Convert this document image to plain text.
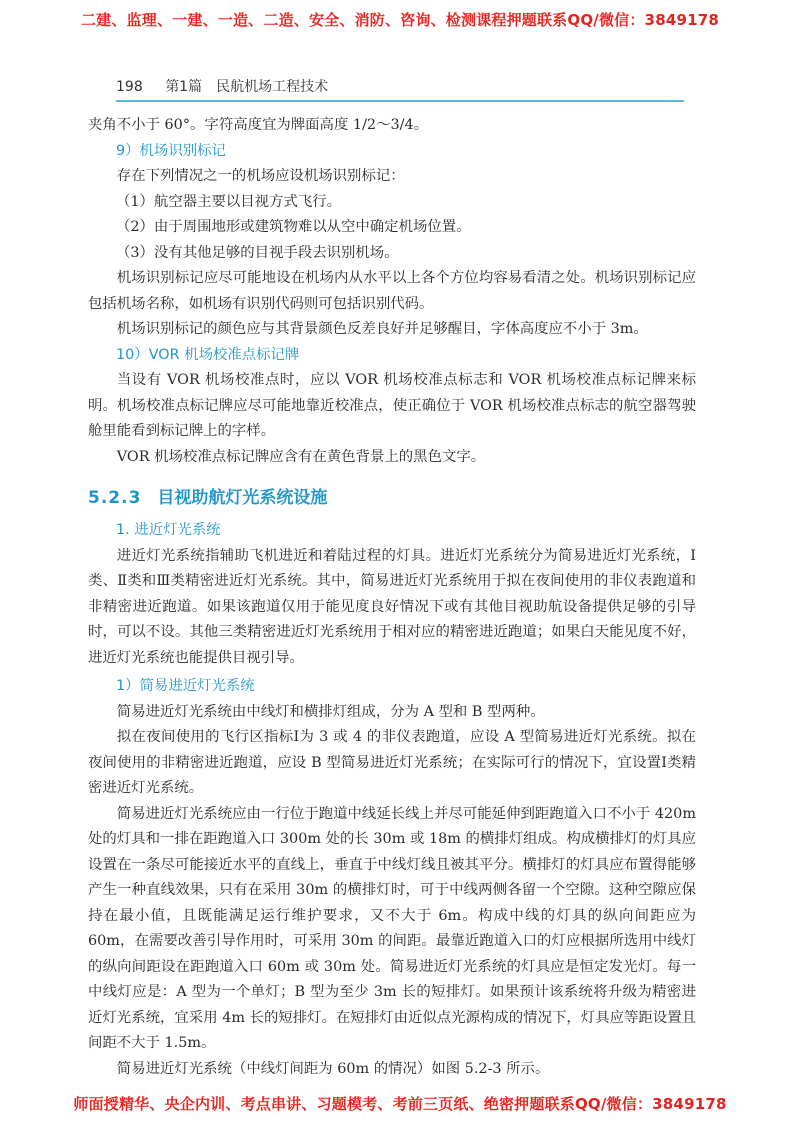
二建、监理、一建、一造、二造、安全、消防、咨询、检测课程押题联系QQ/微信：3849178
198 第1篇　民航机场工程技术

夹角不小于 60°。字符高度宜为牌面高度 1/2～3/4。

9）机场识别标记

存在下列情况之一的机场应设机场识别标记：

（1）航空器主要以目视方式飞行。

（2）由于周围地形或建筑物难以从空中确定机场位置。

（3）没有其他足够的目视手段去识别机场。

机场识别标记应尽可能地设在机场内从水平以上各个方位均容易看清之处。机场识别标记应包括机场名称，如机场有识别代码则可包括识别代码。

机场识别标记的颜色应与其背景颜色反差良好并足够醒目，字体高度应不小于 3m。

10）VOR 机场校准点标记牌

当设有 VOR 机场校准点时，应以 VOR 机场校准点标志和 VOR 机场校准点标记牌来标明。机场校准点标记牌应尽可能地靠近校准点，使正确位于 VOR 机场校准点标志的航空器驾驶舱里能看到标记牌上的字样。

VOR 机场校准点标记牌应含有在黄色背景上的黑色文字。

5.2.3 目视助航灯光系统设施
1. 进近灯光系统

进近灯光系统指辅助飞机进近和着陆过程的灯具。进近灯光系统分为简易进近灯光系统，Ⅰ类、Ⅱ类和Ⅲ类精密进近灯光系统。其中，简易进近灯光系统用于拟在夜间使用的非仪表跑道和非精密进近跑道。如果该跑道仅用于能见度良好情况下或有其他目视助航设备提供足够的引导时，可以不设。其他三类精密进近灯光系统用于相对应的精密进近跑道；如果白天能见度不好，进近灯光系统也能提供目视引导。

1）简易进近灯光系统

简易进近灯光系统由中线灯和横排灯组成，分为 A 型和 B 型两种。

拟在夜间使用的飞行区指标Ⅰ为 3 或 4 的非仪表跑道，应设 A 型简易进近灯光系统。拟在夜间使用的非精密进近跑道，应设 B 型简易进近灯光系统；在实际可行的情况下，宜设置Ⅰ类精密进近灯光系统。

简易进近灯光系统应由一行位于跑道中线延长线上并尽可能延伸到距跑道入口不小于 420m 处的灯具和一排在距跑道入口 300m 处的长 30m 或 18m 的横排灯组成。构成横排灯的灯具应设置在一条尽可能接近水平的直线上，垂直于中线灯线且被其平分。横排灯的灯具应布置得能够产生一种直线效果，只有在采用 30m 的横排灯时，可于中线两侧各留一个空隙。这种空隙应保持在最小值，且既能满足运行维护要求，又不大于 6m。构成中线的灯具的纵向间距应为 60m，在需要改善引导作用时，可采用 30m 的间距。最靠近跑道入口的灯应根据所选用中线灯的纵向间距设在距跑道入口 60m 或 30m 处。简易进近灯光系统的灯具应是恒定发光灯。每一中线灯应是：A 型为一个单灯；B 型为至少 3m 长的短排灯。如果预计该系统将升级为精密进近灯光系统，宜采用 4m 长的短排灯。在短排灯由近似点光源构成的情况下，灯具应等距设置且间距不大于 1.5m。

简易进近灯光系统（中线灯间距为 60m 的情况）如图 5.2-3 所示。

师面授精华、央企内训、考点串讲、习题模考、考前三页纸、绝密押题联系QQ/微信：3849178
